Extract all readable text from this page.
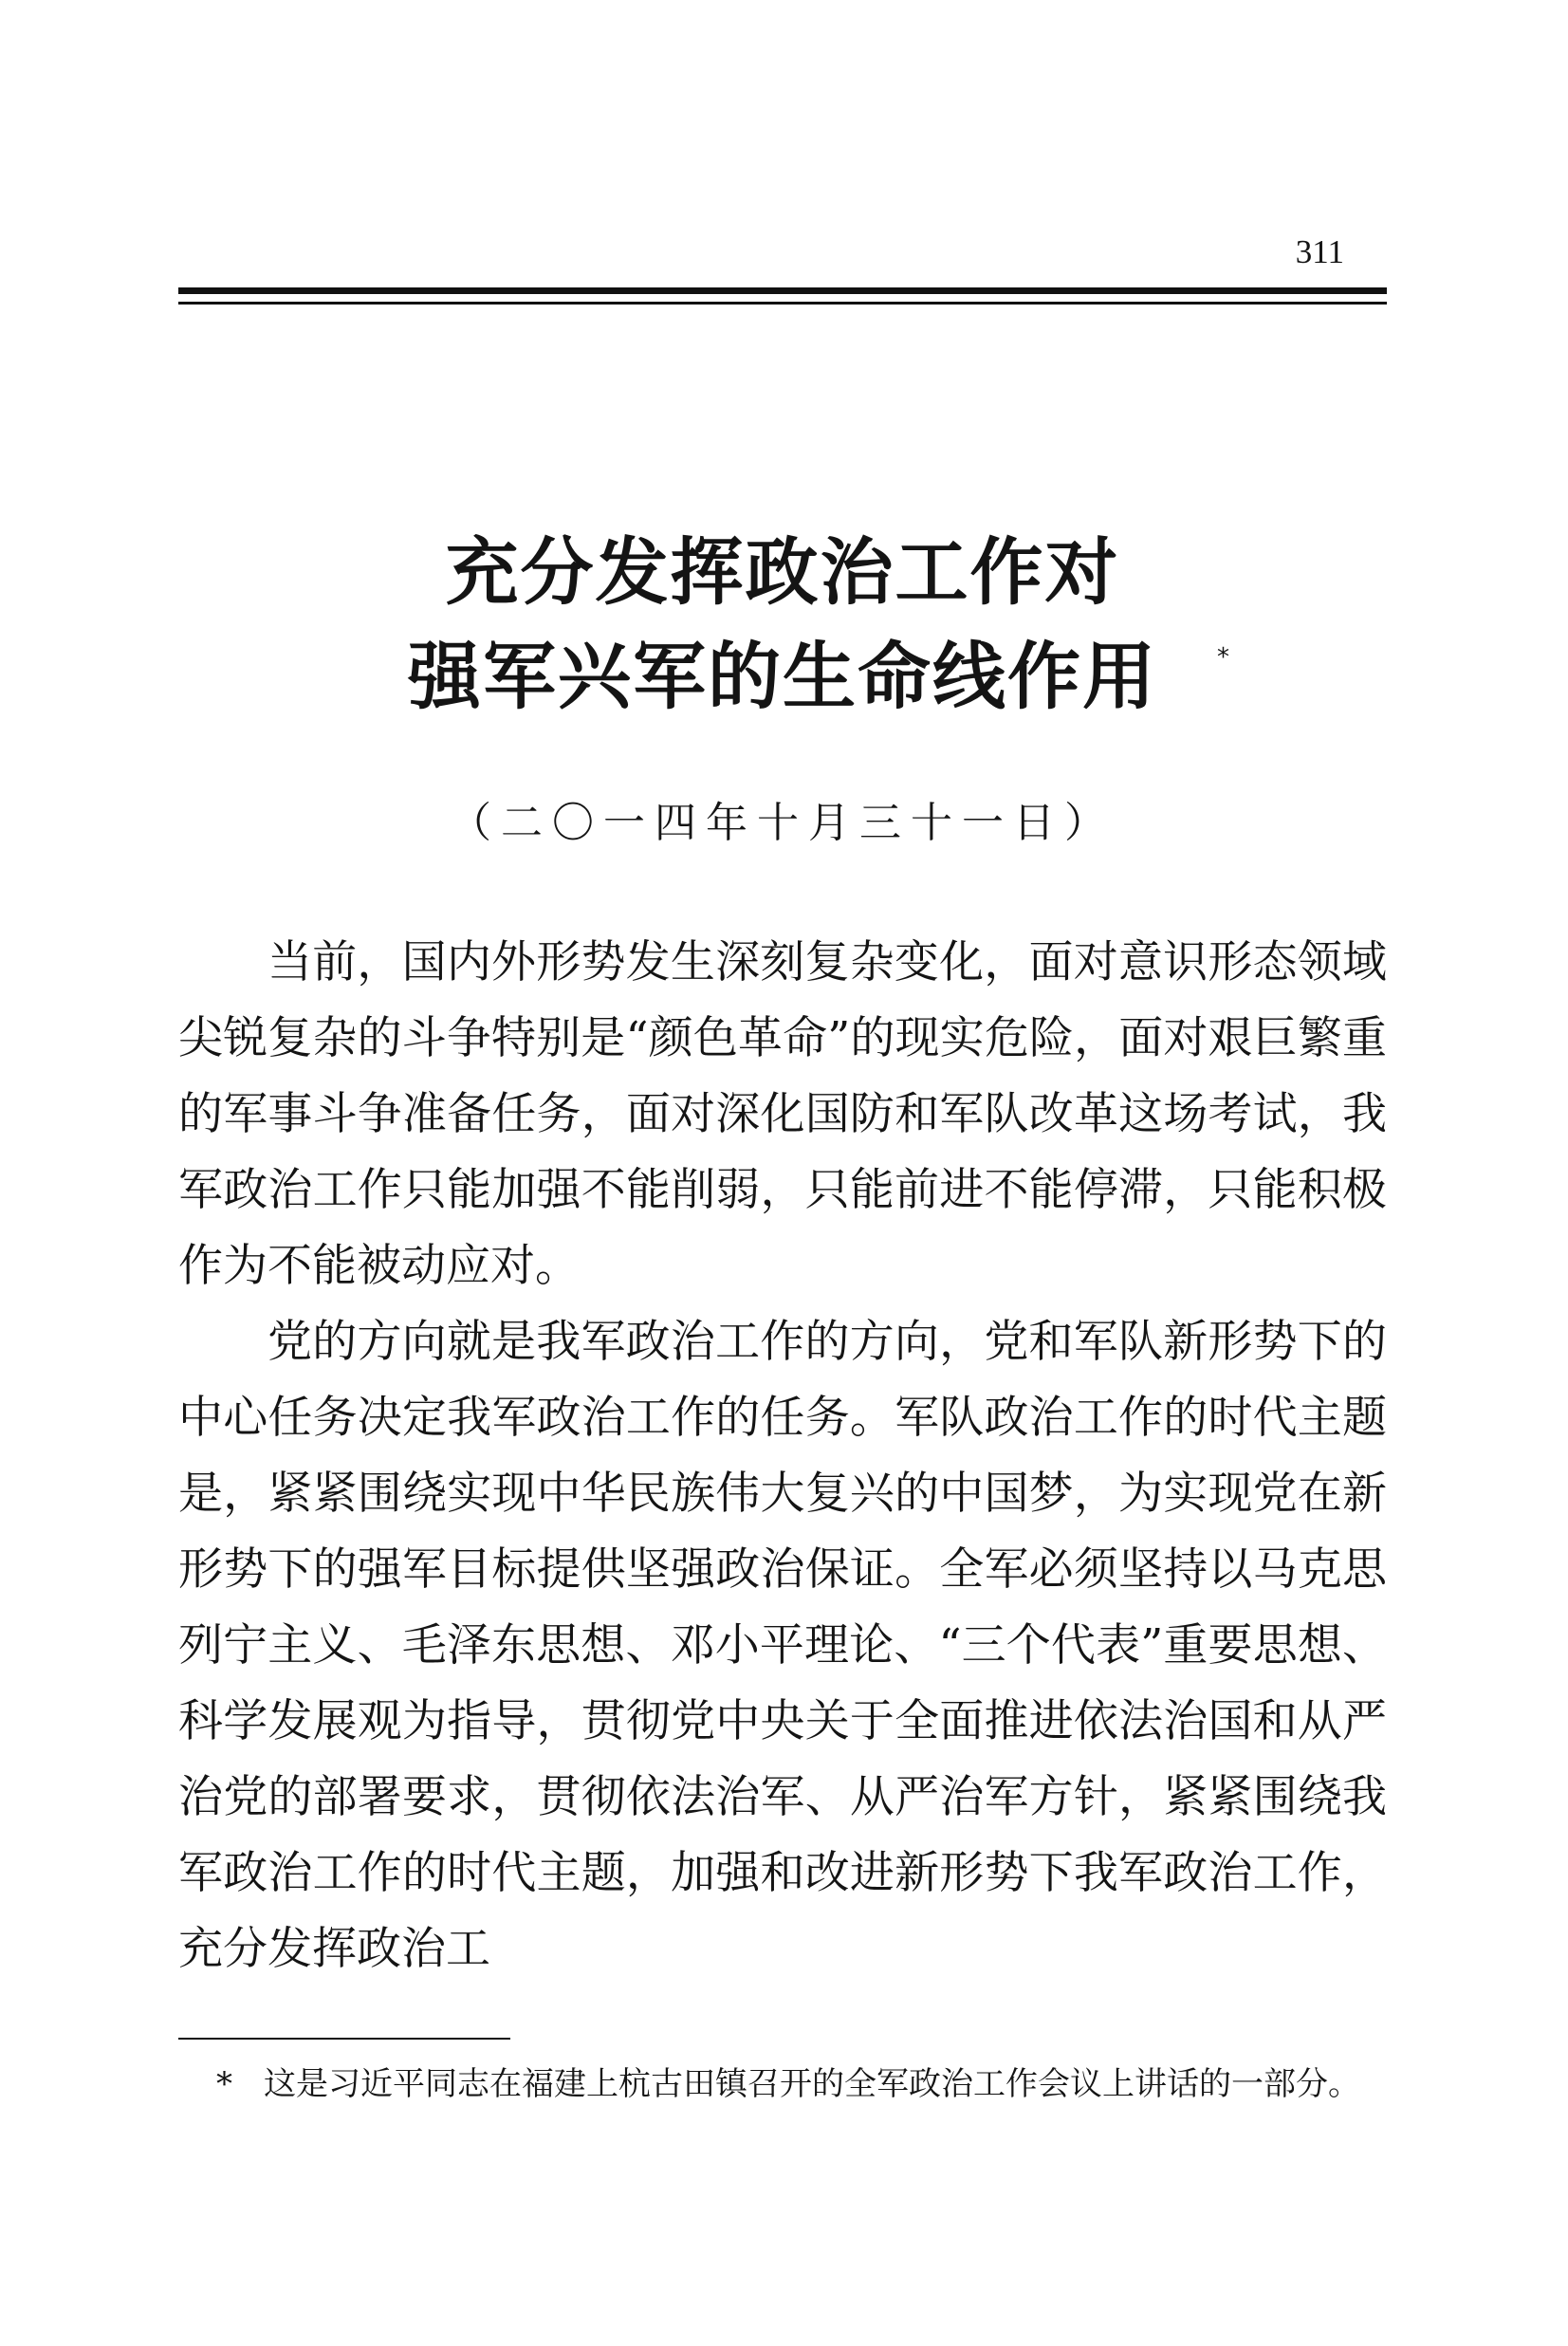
311
充分发挥政治工作对
强军兴军的生命线作用	*
（二〇一四年十月三十一日）

当前，国内外形势发生深刻复杂变化，面对意识形态领域尖锐复杂的斗争特别是“颜色革命”的现实危险，面对艰巨繁重的军事斗争准备任务，面对深化国防和军队改革这场考试，我军政治工作只能加强不能削弱，只能前进不能停滞，只能积极作为不能被动应对。

党的方向就是我军政治工作的方向，党和军队新形势下的中心任务决定我军政治工作的任务。军队政治工作的时代主题是，紧紧围绕实现中华民族伟大复兴的中国梦，为实现党在新形势下的强军目标提供坚强政治保证。全军必须坚持以马克思列宁主义、毛泽东思想、邓小平理论、“三个代表”重要思想、科学发展观为指导，贯彻党中央关于全面推进依法治国和从严治党的部署要求，贯彻依法治军、从严治军方针，紧紧围绕我军政治工作的时代主题，加强和改进新形势下我军政治工作，充分发挥政治工

* 这是习近平同志在福建上杭古田镇召开的全军政治工作会议上讲话的一部分。
